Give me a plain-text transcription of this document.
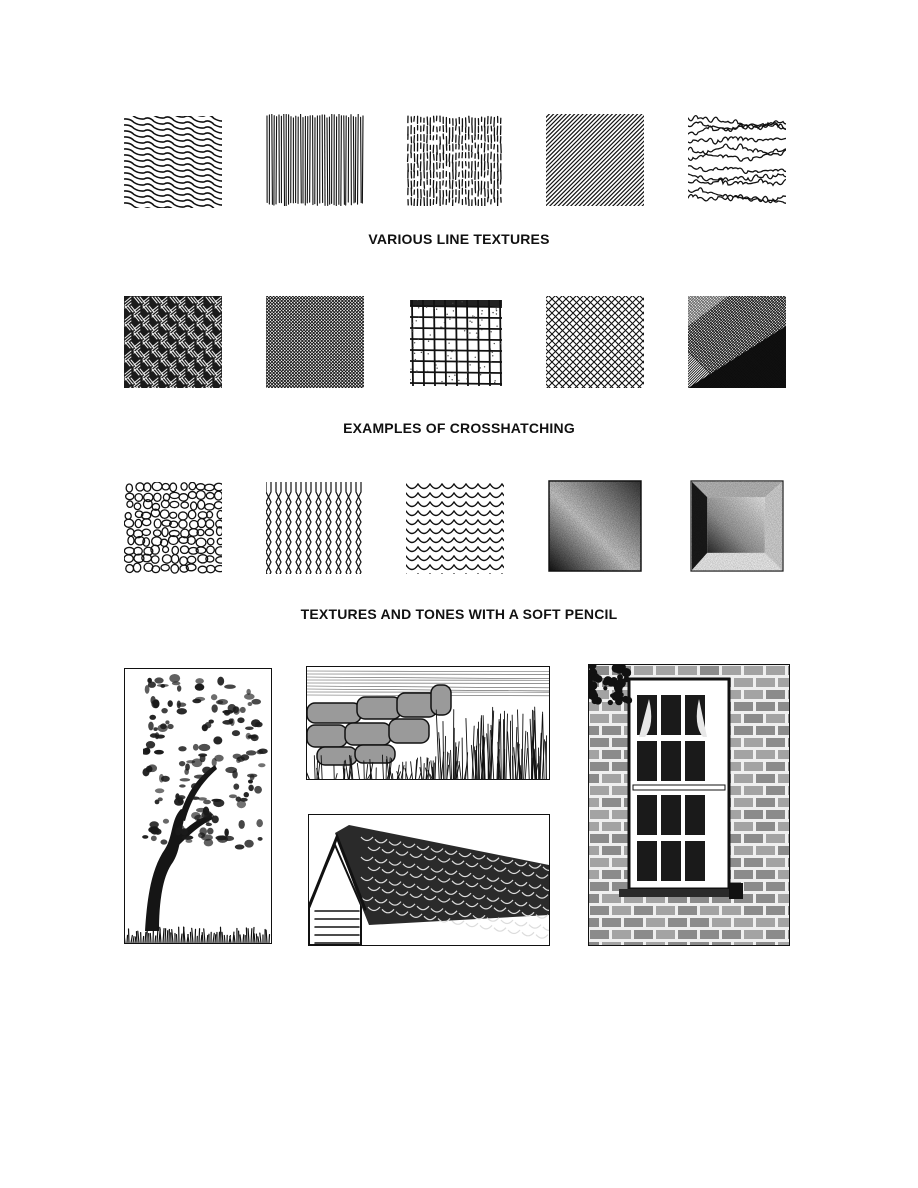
VARIOUS LINE TEXTURES
EXAMPLES OF CROSSHATCHING
TEXTURES AND TONES WITH A SOFT PENCIL
